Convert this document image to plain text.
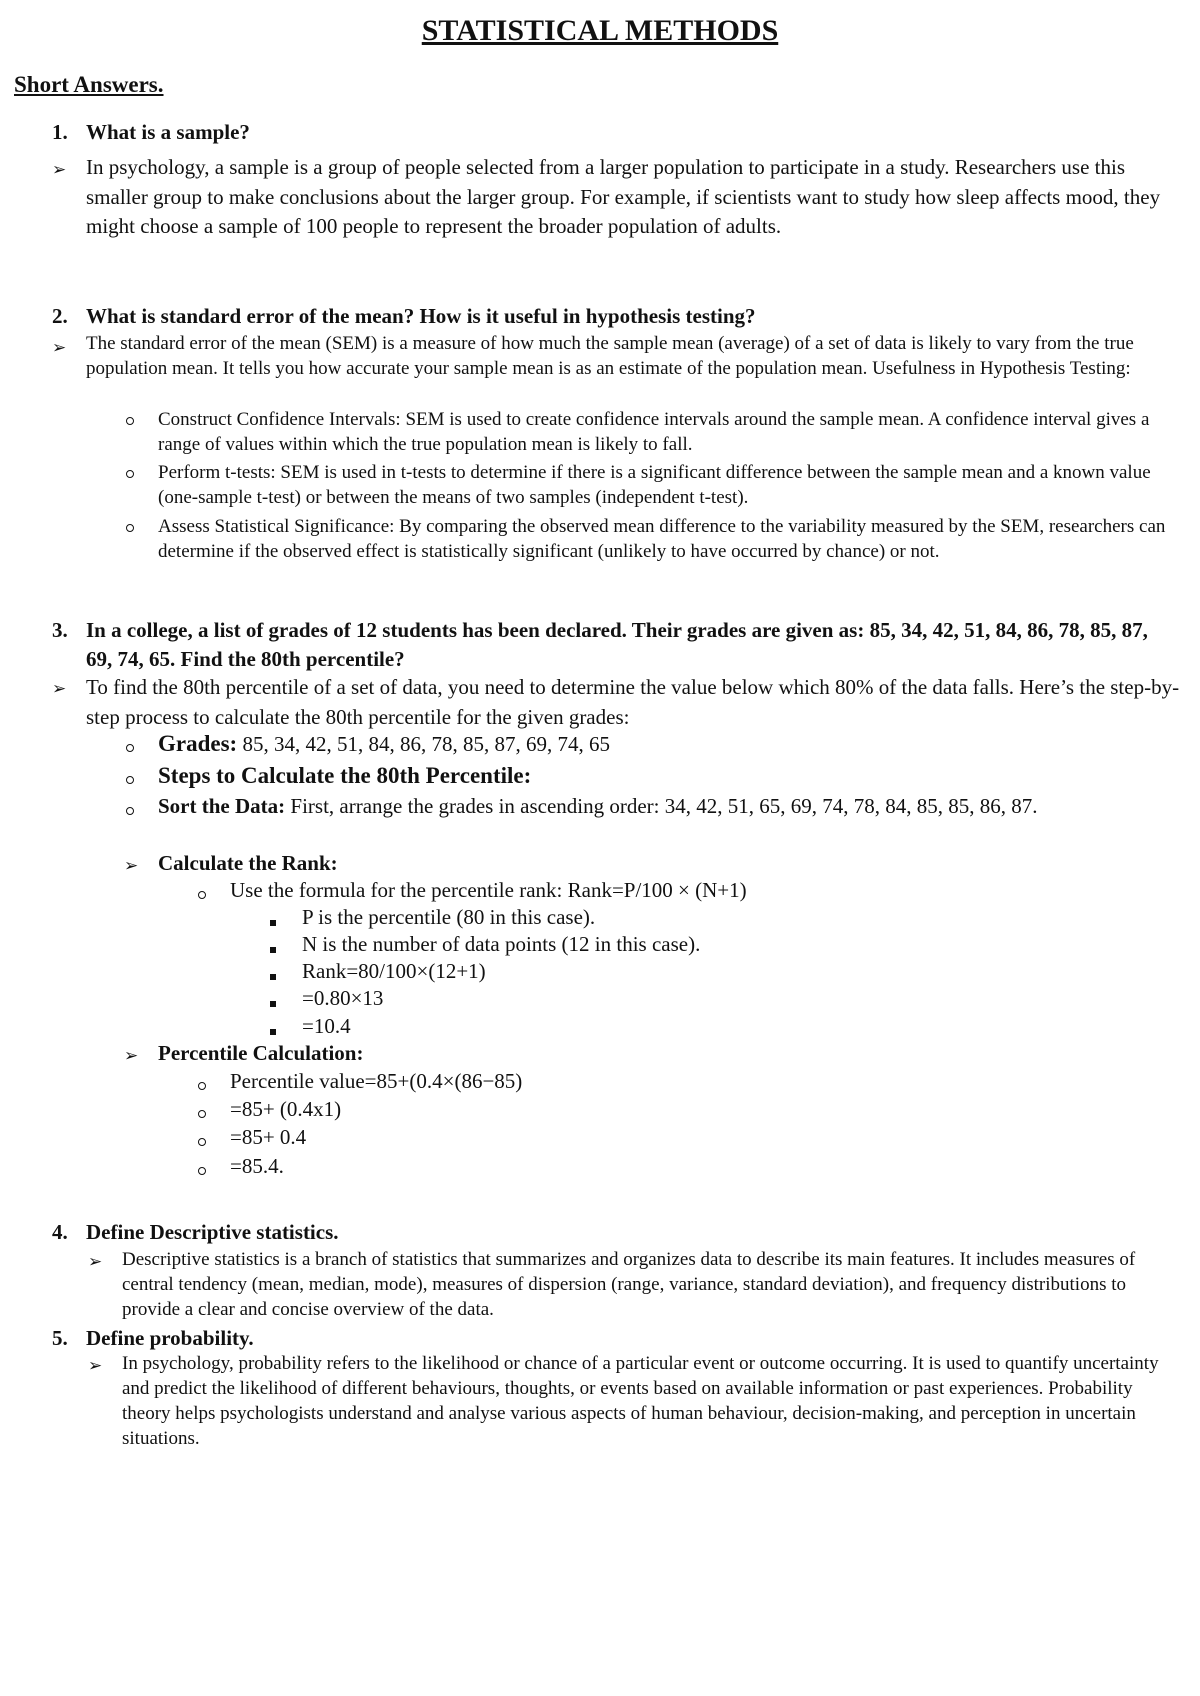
STATISTICAL METHODS
Short Answers.
1. What is a sample?
➢ In psychology, a sample is a group of people selected from a larger population to participate in a study. Researchers use this smaller group to make conclusions about the larger group. For example, if scientists want to study how sleep affects mood, they might choose a sample of 100 people to represent the broader population of adults.
2. What is standard error of the mean? How is it useful in hypothesis testing?
➢ The standard error of the mean (SEM) is a measure of how much the sample mean (average) of a set of data is likely to vary from the true population mean. It tells you how accurate your sample mean is as an estimate of the population mean. Usefulness in Hypothesis Testing:
Construct Confidence Intervals: SEM is used to create confidence intervals around the sample mean. A confidence interval gives a range of values within which the true population mean is likely to fall.
Perform t-tests: SEM is used in t-tests to determine if there is a significant difference between the sample mean and a known value (one-sample t-test) or between the means of two samples (independent t-test).
Assess Statistical Significance: By comparing the observed mean difference to the variability measured by the SEM, researchers can determine if the observed effect is statistically significant (unlikely to have occurred by chance) or not.
3. In a college, a list of grades of 12 students has been declared. Their grades are given as: 85, 34, 42, 51, 84, 86, 78, 85, 87, 69, 74, 65. Find the 80th percentile?
➢ To find the 80th percentile of a set of data, you need to determine the value below which 80% of the data falls. Here’s the step-by-step process to calculate the 80th percentile for the given grades:
Grades: 85, 34, 42, 51, 84, 86, 78, 85, 87, 69, 74, 65
Steps to Calculate the 80th Percentile:
Sort the Data: First, arrange the grades in ascending order: 34, 42, 51, 65, 69, 74, 78, 84, 85, 85, 86, 87.
➢ Calculate the Rank:
Use the formula for the percentile rank: Rank=P/100 × (N+1)
P is the percentile (80 in this case).
N is the number of data points (12 in this case).
Rank=80/100×(12+1)
=0.80×13
=10.4
➢ Percentile Calculation:
Percentile value=85+(0.4×(86−85)
=85+ (0.4x1)
=85+ 0.4
=85.4.
4. Define Descriptive statistics.
➢ Descriptive statistics is a branch of statistics that summarizes and organizes data to describe its main features. It includes measures of central tendency (mean, median, mode), measures of dispersion (range, variance, standard deviation), and frequency distributions to provide a clear and concise overview of the data.
5. Define probability.
➢ In psychology, probability refers to the likelihood or chance of a particular event or outcome occurring. It is used to quantify uncertainty and predict the likelihood of different behaviours, thoughts, or events based on available information or past experiences. Probability theory helps psychologists understand and analyse various aspects of human behaviour, decision-making, and perception in uncertain situations.
